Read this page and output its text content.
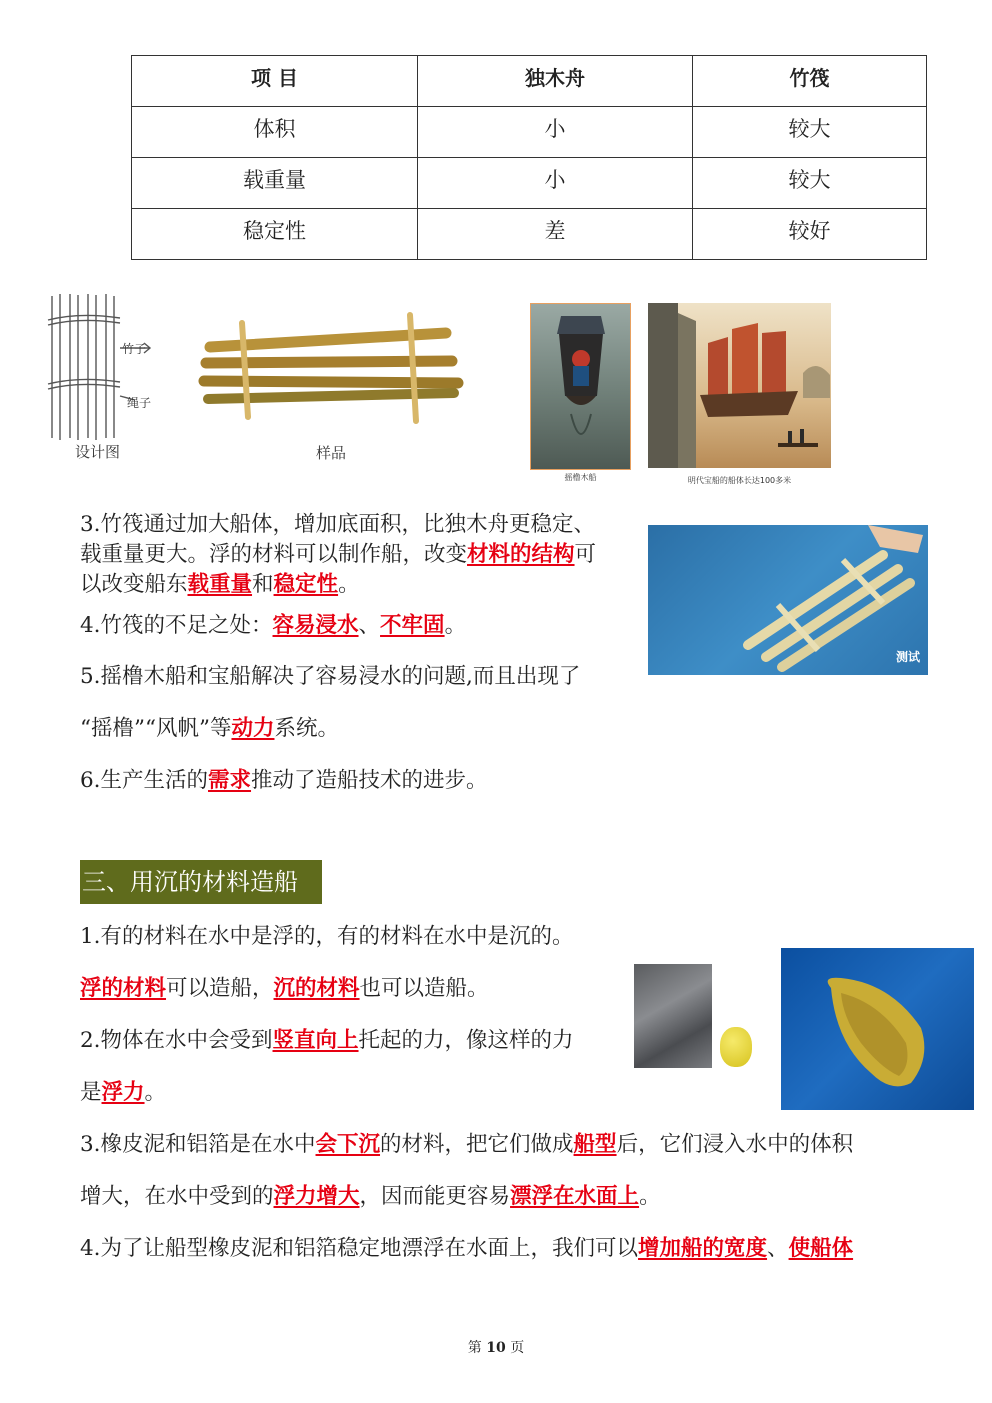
项 目	独木舟	竹筏
体积	小	较大
载重量	小	较大
稳定性	差	较好
竹子
绳子
设计图	样品
摇橹木船	明代宝船的船体长达100多米
测试
3.竹筏通过加大船体，增加底面积，比独木舟更稳定、
载重量更大。浮的材料可以制作船，改变材料的结构可
以改变船东载重量和稳定性。
4.竹筏的不足之处：容易浸水、不牢固。
5.摇橹木船和宝船解决了容易浸水的问题,而且出现了
“摇橹”“风帆”等动力系统。
6.生产生活的需求推动了造船技术的进步。
三、用沉的材料造船
1.有的材料在水中是浮的，有的材料在水中是沉的。
浮的材料可以造船，沉的材料也可以造船。
2.物体在水中会受到竖直向上托起的力，像这样的力
是浮力。
3.橡皮泥和铝箔是在水中会下沉的材料，把它们做成船型后，它们浸入水中的体积
增大，在水中受到的浮力增大，因而能更容易漂浮在水面上。
4.为了让船型橡皮泥和铝箔稳定地漂浮在水面上，我们可以增加船的宽度、使船体
第 10 页
